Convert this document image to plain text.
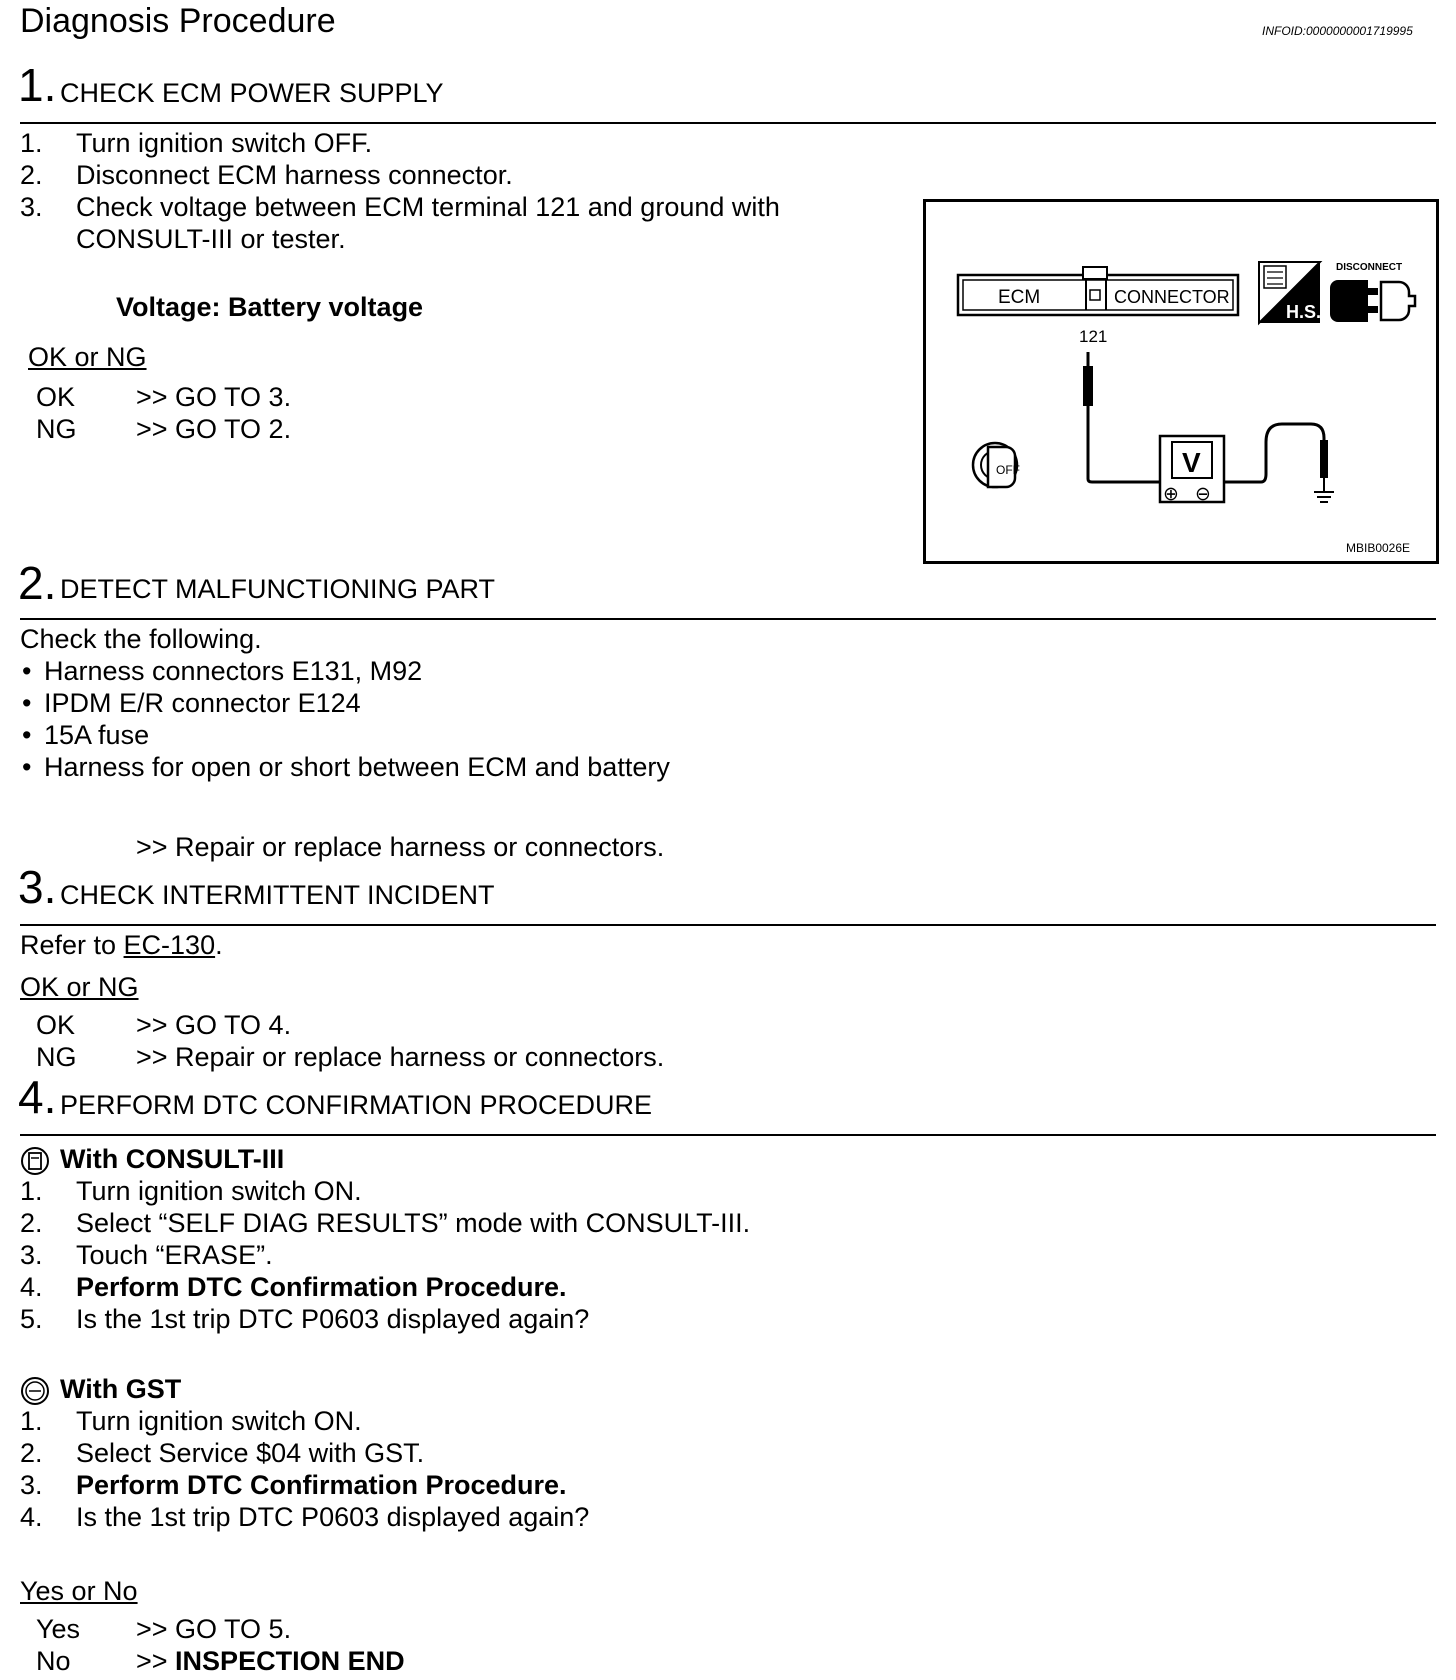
Diagnosis Procedure	INFOID:0000000001719995
1. CHECK ECM POWER SUPPLY
1. Turn ignition switch OFF.
2. Disconnect ECM harness connector.
3. Check voltage between ECM terminal 121 and ground with
CONSULT-III or tester.
Voltage: Battery voltage
OK or NG
OK >> GO TO 3.
NG >> GO TO 2.
ECM	CONNECTOR
121
H.S.
DISCONNECT
V
⊕ ⊖
OFF
MBIB0026E
2. DETECT MALFUNCTIONING PART
Check the following.
• Harness connectors E131, M92
• IPDM E/R connector E124
• 15A fuse
• Harness for open or short between ECM and battery
>> Repair or replace harness or connectors.
3. CHECK INTERMITTENT INCIDENT
Refer to EC-130.
OK or NG
OK >> GO TO 4.
NG >> Repair or replace harness or connectors.
4. PERFORM DTC CONFIRMATION PROCEDURE
With CONSULT-III
1. Turn ignition switch ON.
2. Select “SELF DIAG RESULTS” mode with CONSULT-III.
3. Touch “ERASE”.
4. Perform DTC Confirmation Procedure.
5. Is the 1st trip DTC P0603 displayed again?
With GST
1. Turn ignition switch ON.
2. Select Service $04 with GST.
3. Perform DTC Confirmation Procedure.
4. Is the 1st trip DTC P0603 displayed again?
Yes or No
Yes >> GO TO 5.
No >> INSPECTION END
